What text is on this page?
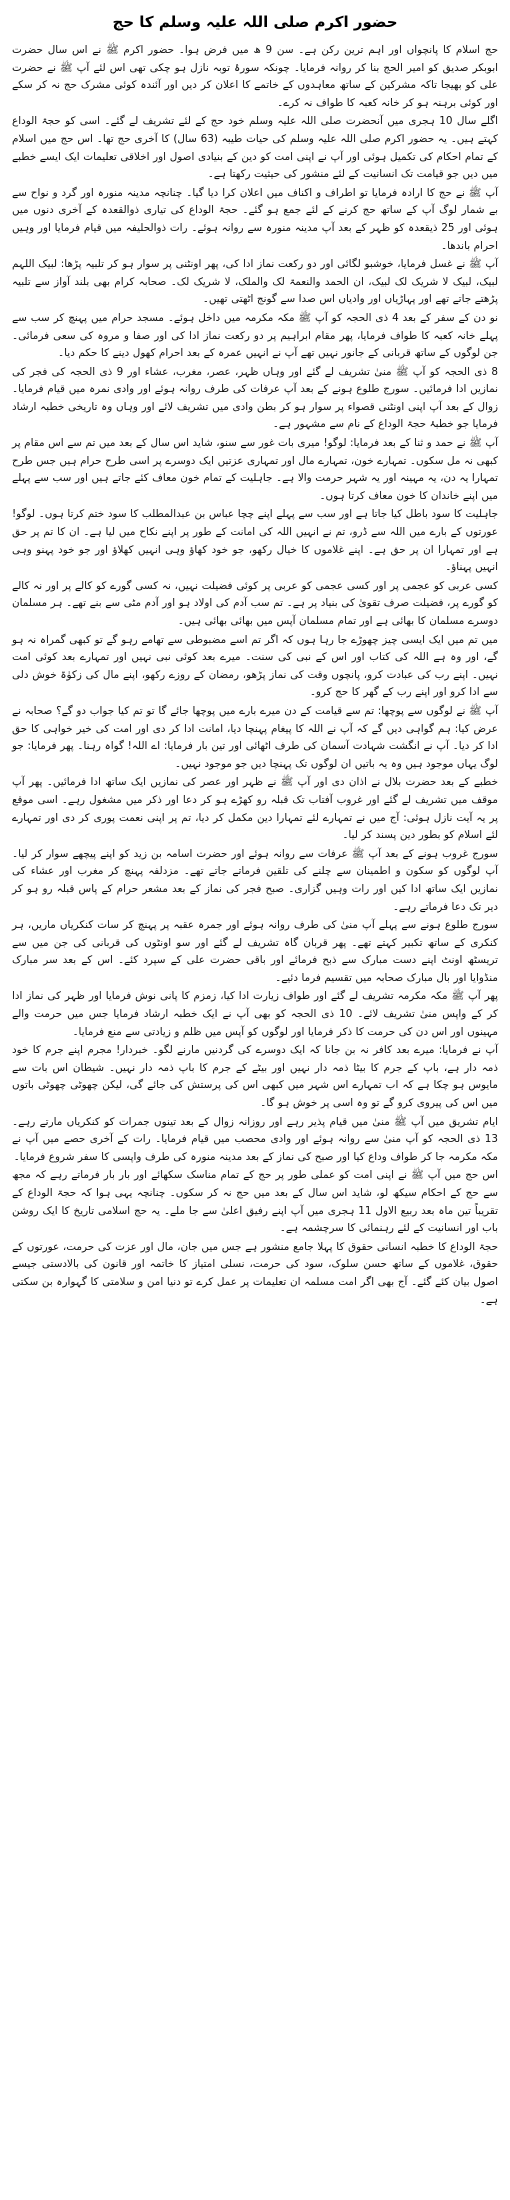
حضور اکرم صلی اللہ علیہ وسلم کا حج

حج اسلام کا پانچواں اور اہم ترین رکن ہے۔ سن 9 ھ میں فرض ہوا۔ حضور اکرم ﷺ نے اس سال حضرت ابوبکر صدیق کو امیر الحج بنا کر روانہ فرمایا۔ چونکہ سورۂ توبہ نازل ہو چکی تھی اس لئے آپ ﷺ نے حضرت علی کو بھیجا تاکہ مشرکین کے ساتھ معاہدوں کے خاتمے کا اعلان کر دیں اور آئندہ کوئی مشرک حج نہ کر سکے اور کوئی برہنہ ہو کر خانہ کعبہ کا طواف نہ کرے۔

اگلے سال 10 ہجری میں آنحضرت صلی اللہ علیہ وسلم خود حج کے لئے تشریف لے گئے۔ اسی کو حجۃ الوداع کہتے ہیں۔ یہ حضور اکرم صلی اللہ علیہ وسلم کی حیات طیبہ (63 سال) کا آخری حج تھا۔ اس حج میں اسلام کے تمام احکام کی تکمیل ہوئی اور آپ نے اپنی امت کو دین کے بنیادی اصول اور اخلاقی تعلیمات ایک ایسے خطبے میں دیں جو قیامت تک انسانیت کے لئے منشور کی حیثیت رکھتا ہے۔

آپ ﷺ نے حج کا ارادہ فرمایا تو اطراف و اکناف میں اعلان کرا دیا گیا۔ چنانچہ مدینہ منورہ اور گرد و نواح سے بے شمار لوگ آپ کے ساتھ حج کرنے کے لئے جمع ہو گئے۔ حجۃ الوداع کی تیاری ذوالقعدہ کے آخری دنوں میں ہوئی اور 25 ذیقعدہ کو ظہر کے بعد آپ مدینہ منورہ سے روانہ ہوئے۔ رات ذوالحلیفہ میں قیام فرمایا اور وہیں احرام باندھا۔

آپ ﷺ نے غسل فرمایا، خوشبو لگائی اور دو رکعت نماز ادا کی، پھر اونٹنی پر سوار ہو کر تلبیہ پڑھا: لبیک اللہم لبیک، لبیک لا شریک لک لبیک، ان الحمد والنعمۃ لک والملک، لا شریک لک۔ صحابہ کرام بھی بلند آواز سے تلبیہ پڑھتے جاتے تھے اور پہاڑیاں اور وادیاں اس صدا سے گونج اٹھتی تھیں۔

نو دن کے سفر کے بعد 4 ذی الحجہ کو آپ ﷺ مکہ مکرمہ میں داخل ہوئے۔ مسجد حرام میں پہنچ کر سب سے پہلے خانہ کعبہ کا طواف فرمایا، پھر مقام ابراہیم پر دو رکعت نماز ادا کی اور صفا و مروہ کی سعی فرمائی۔ جن لوگوں کے ساتھ قربانی کے جانور نہیں تھے آپ نے انہیں عمرہ کے بعد احرام کھول دینے کا حکم دیا۔

8 ذی الحجہ کو آپ ﷺ منیٰ تشریف لے گئے اور وہاں ظہر، عصر، مغرب، عشاء اور 9 ذی الحجہ کی فجر کی نمازیں ادا فرمائیں۔ سورج طلوع ہونے کے بعد آپ عرفات کی طرف روانہ ہوئے اور وادی نمرہ میں قیام فرمایا۔ زوال کے بعد آپ اپنی اونٹنی قصواء پر سوار ہو کر بطن وادی میں تشریف لائے اور وہاں وہ تاریخی خطبہ ارشاد فرمایا جو خطبۂ حجۃ الوداع کے نام سے مشہور ہے۔

آپ ﷺ نے حمد و ثنا کے بعد فرمایا: لوگو! میری بات غور سے سنو، شاید اس سال کے بعد میں تم سے اس مقام پر کبھی نہ مل سکوں۔ تمہارے خون، تمہارے مال اور تمہاری عزتیں ایک دوسرے پر اسی طرح حرام ہیں جس طرح تمہارا یہ دن، یہ مہینہ اور یہ شہر حرمت والا ہے۔ جاہلیت کے تمام خون معاف کئے جاتے ہیں اور سب سے پہلے میں اپنے خاندان کا خون معاف کرتا ہوں۔

جاہلیت کا سود باطل کیا جاتا ہے اور سب سے پہلے اپنے چچا عباس بن عبدالمطلب کا سود ختم کرتا ہوں۔ لوگو! عورتوں کے بارے میں اللہ سے ڈرو، تم نے انہیں اللہ کی امانت کے طور پر اپنے نکاح میں لیا ہے۔ ان کا تم پر حق ہے اور تمہارا ان پر حق ہے۔ اپنے غلاموں کا خیال رکھو، جو خود کھاؤ وہی انہیں کھلاؤ اور جو خود پہنو وہی انہیں پہناؤ۔

کسی عربی کو عجمی پر اور کسی عجمی کو عربی پر کوئی فضیلت نہیں، نہ کسی گورے کو کالے پر اور نہ کالے کو گورے پر، فضیلت صرف تقویٰ کی بنیاد پر ہے۔ تم سب آدم کی اولاد ہو اور آدم مٹی سے بنے تھے۔ ہر مسلمان دوسرے مسلمان کا بھائی ہے اور تمام مسلمان آپس میں بھائی بھائی ہیں۔

میں تم میں ایک ایسی چیز چھوڑے جا رہا ہوں کہ اگر تم اسے مضبوطی سے تھامے رہو گے تو کبھی گمراہ نہ ہو گے، اور وہ ہے اللہ کی کتاب اور اس کے نبی کی سنت۔ میرے بعد کوئی نبی نہیں اور تمہارے بعد کوئی امت نہیں۔ اپنے رب کی عبادت کرو، پانچوں وقت کی نماز پڑھو، رمضان کے روزے رکھو، اپنے مال کی زکوٰۃ خوش دلی سے ادا کرو اور اپنے رب کے گھر کا حج کرو۔

آپ ﷺ نے لوگوں سے پوچھا: تم سے قیامت کے دن میرے بارے میں پوچھا جائے گا تو تم کیا جواب دو گے؟ صحابہ نے عرض کیا: ہم گواہی دیں گے کہ آپ نے اللہ کا پیغام پہنچا دیا، امانت ادا کر دی اور امت کی خیر خواہی کا حق ادا کر دیا۔ آپ نے انگشت شہادت آسمان کی طرف اٹھائی اور تین بار فرمایا: اے اللہ! گواہ رہنا۔ پھر فرمایا: جو لوگ یہاں موجود ہیں وہ یہ باتیں ان لوگوں تک پہنچا دیں جو موجود نہیں۔

خطبے کے بعد حضرت بلال نے اذان دی اور آپ ﷺ نے ظہر اور عصر کی نمازیں ایک ساتھ ادا فرمائیں۔ پھر آپ موقف میں تشریف لے گئے اور غروب آفتاب تک قبلہ رو کھڑے ہو کر دعا اور ذکر میں مشغول رہے۔ اسی موقع پر یہ آیت نازل ہوئی: آج میں نے تمہارے لئے تمہارا دین مکمل کر دیا، تم پر اپنی نعمت پوری کر دی اور تمہارے لئے اسلام کو بطور دین پسند کر لیا۔

سورج غروب ہونے کے بعد آپ ﷺ عرفات سے روانہ ہوئے اور حضرت اسامہ بن زید کو اپنے پیچھے سوار کر لیا۔ آپ لوگوں کو سکون و اطمینان سے چلنے کی تلقین فرماتے جاتے تھے۔ مزدلفہ پہنچ کر مغرب اور عشاء کی نمازیں ایک ساتھ ادا کیں اور رات وہیں گزاری۔ صبح فجر کی نماز کے بعد مشعر حرام کے پاس قبلہ رو ہو کر دیر تک دعا فرماتے رہے۔

سورج طلوع ہونے سے پہلے آپ منیٰ کی طرف روانہ ہوئے اور جمرہ عقبہ پر پہنچ کر سات کنکریاں ماریں، ہر کنکری کے ساتھ تکبیر کہتے تھے۔ پھر قربان گاہ تشریف لے گئے اور سو اونٹوں کی قربانی کی جن میں سے تریسٹھ اونٹ اپنے دست مبارک سے ذبح فرمائے اور باقی حضرت علی کے سپرد کئے۔ اس کے بعد سر مبارک منڈوایا اور بال مبارک صحابہ میں تقسیم فرما دئیے۔

پھر آپ ﷺ مکہ مکرمہ تشریف لے گئے اور طواف زیارت ادا کیا، زمزم کا پانی نوش فرمایا اور ظہر کی نماز ادا کر کے واپس منیٰ تشریف لائے۔ 10 ذی الحجہ کو بھی آپ نے ایک خطبہ ارشاد فرمایا جس میں حرمت والے مہینوں اور اس دن کی حرمت کا ذکر فرمایا اور لوگوں کو آپس میں ظلم و زیادتی سے منع فرمایا۔

آپ نے فرمایا: میرے بعد کافر نہ بن جانا کہ ایک دوسرے کی گردنیں مارنے لگو۔ خبردار! مجرم اپنے جرم کا خود ذمہ دار ہے، باپ کے جرم کا بیٹا ذمہ دار نہیں اور بیٹے کے جرم کا باپ ذمہ دار نہیں۔ شیطان اس بات سے مایوس ہو چکا ہے کہ اب تمہارے اس شہر میں کبھی اس کی پرستش کی جائے گی، لیکن چھوٹی چھوٹی باتوں میں اس کی پیروی کرو گے تو وہ اسی پر خوش ہو گا۔

ایام تشریق میں آپ ﷺ منیٰ میں قیام پذیر رہے اور روزانہ زوال کے بعد تینوں جمرات کو کنکریاں مارتے رہے۔ 13 ذی الحجہ کو آپ منیٰ سے روانہ ہوئے اور وادی محصب میں قیام فرمایا۔ رات کے آخری حصے میں آپ نے مکہ مکرمہ جا کر طواف وداع کیا اور صبح کی نماز کے بعد مدینہ منورہ کی طرف واپسی کا سفر شروع فرمایا۔

اس حج میں آپ ﷺ نے اپنی امت کو عملی طور پر حج کے تمام مناسک سکھائے اور بار بار فرماتے رہے کہ مجھ سے حج کے احکام سیکھ لو، شاید اس سال کے بعد میں حج نہ کر سکوں۔ چنانچہ یہی ہوا کہ حجۃ الوداع کے تقریباً تین ماہ بعد ربیع الاول 11 ہجری میں آپ اپنے رفیق اعلیٰ سے جا ملے۔ یہ حج اسلامی تاریخ کا ایک روشن باب اور انسانیت کے لئے رہنمائی کا سرچشمہ ہے۔

حجۃ الوداع کا خطبہ انسانی حقوق کا پہلا جامع منشور ہے جس میں جان، مال اور عزت کی حرمت، عورتوں کے حقوق، غلاموں کے ساتھ حسن سلوک، سود کی حرمت، نسلی امتیاز کا خاتمہ اور قانون کی بالادستی جیسے اصول بیان کئے گئے۔ آج بھی اگر امت مسلمہ ان تعلیمات پر عمل کرے تو دنیا امن و سلامتی کا گہوارہ بن سکتی ہے۔
